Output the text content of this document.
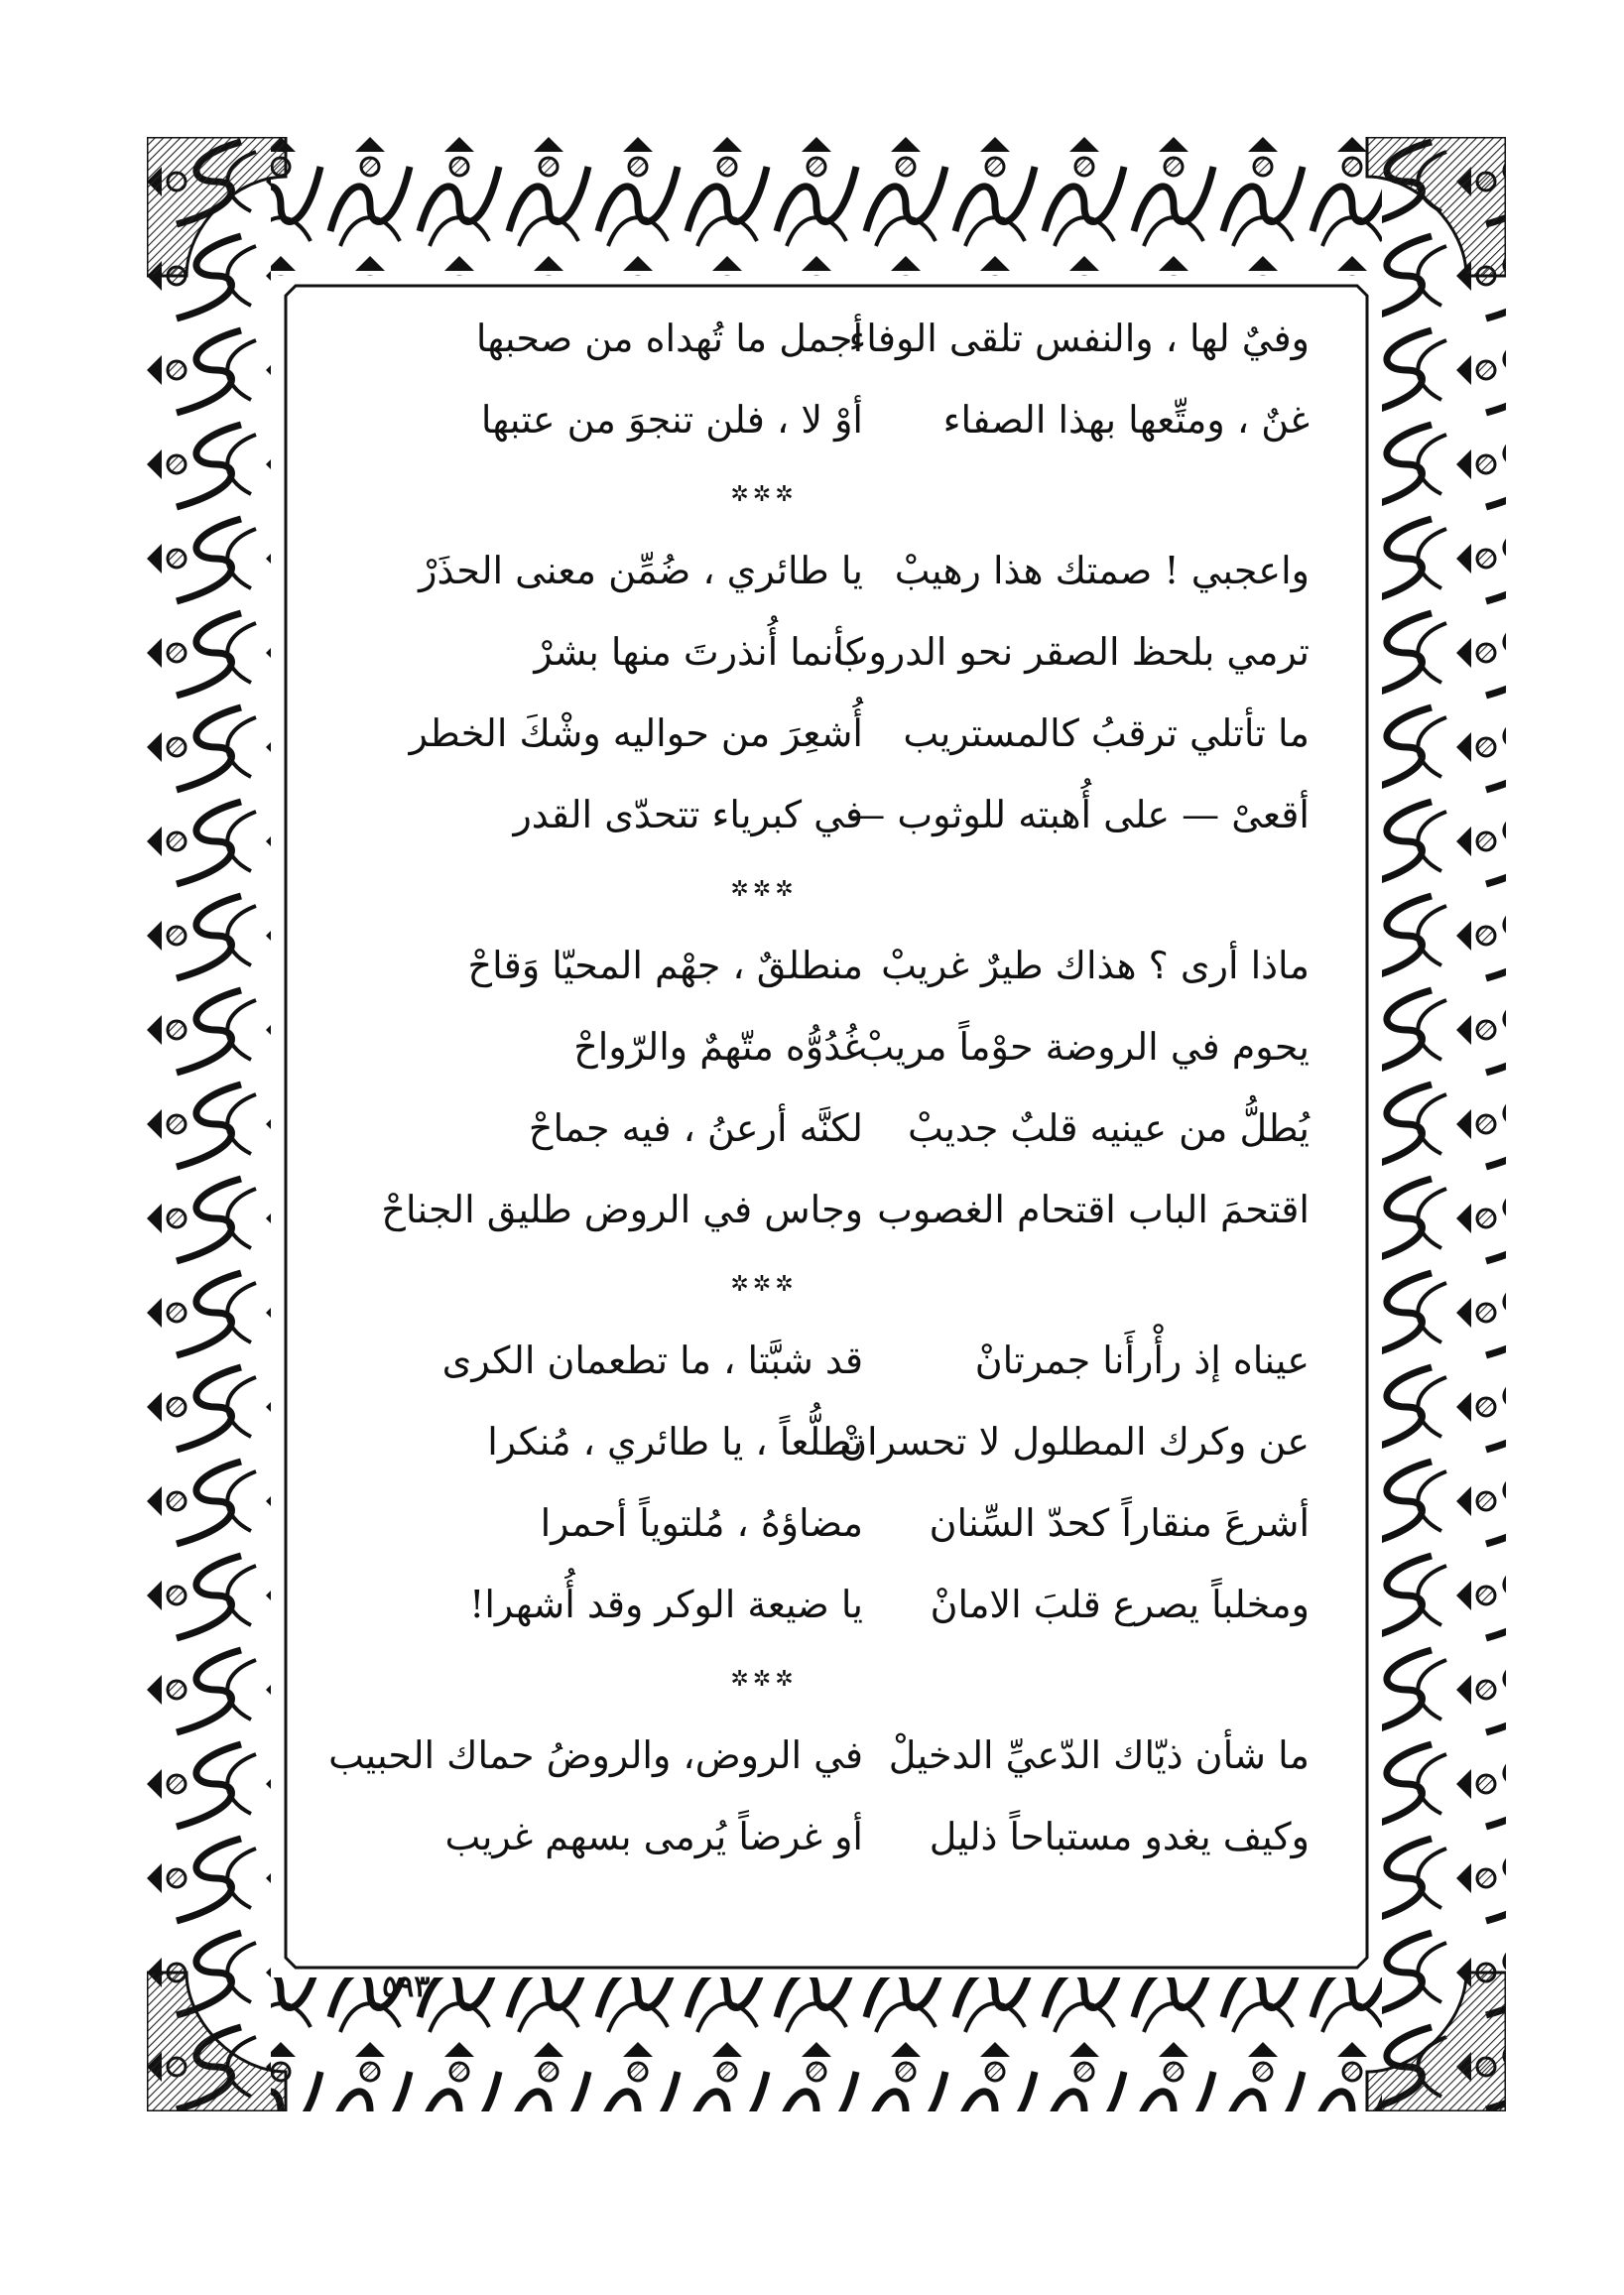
وفيٌ لها ، والنفس تلقى الوفاء
أجمل ما تُهداه من صحبها
غنٌ ، ومتِّعها بهذا الصفاء
أوْ لا ، فلن تنجوَ من عتبها
✲✲✲
واعجبي ! صمتك هذا رهيبْ
يا طائري ، ضُمِّن معنى الحذَرْ
ترمي بلحظ الصقر نحو الدروب
كأنما أُنذرتَ منها بشرْ
ما تأتلي ترقبُ كالمستريب
أُشعِرَ من حواليه وشْكَ الخطر
أقعىْ — على أُهبته للوثوب —
في كبرياء تتحدّى القدر
✲✲✲
ماذا أرى ؟ هذاك طيرٌ غريبْ
منطلقٌ ، جهْم المحيّا وَقاحْ
يحوم في الروضة حوْماً مريبْ
غُدُوُّه متّهمٌ والرّواحْ
يُطلُّ من عينيه قلبٌ جديبْ
لكنَّه أرعنُ ، فيه جماحْ
اقتحمَ الباب اقتحام الغصوب
وجاس في الروض طليق الجناحْ
✲✲✲
عيناه إذ رأْرأَنا جمرتانْ
قد شبَّتا ، ما تطعمان الكرى
عن وكرك المطلول لا تحسرانْ
تطلُّعاً ، يا طائري ، مُنكرا
أشرعَ منقاراً كحدّ السِّنان
مضاؤهُ ، مُلتوياً أحمرا
ومخلباً يصرع قلبَ الامانْ
يا ضيعة الوكر وقد أُشهرا!
✲✲✲
ما شأن ذيّاك الدّعيِّ الدخيلْ
في الروض، والروضُ حماك الحبيب
وكيف يغدو مستباحاً ذليل
أو غرضاً يُرمى بسهم غريب
٥٩٣
